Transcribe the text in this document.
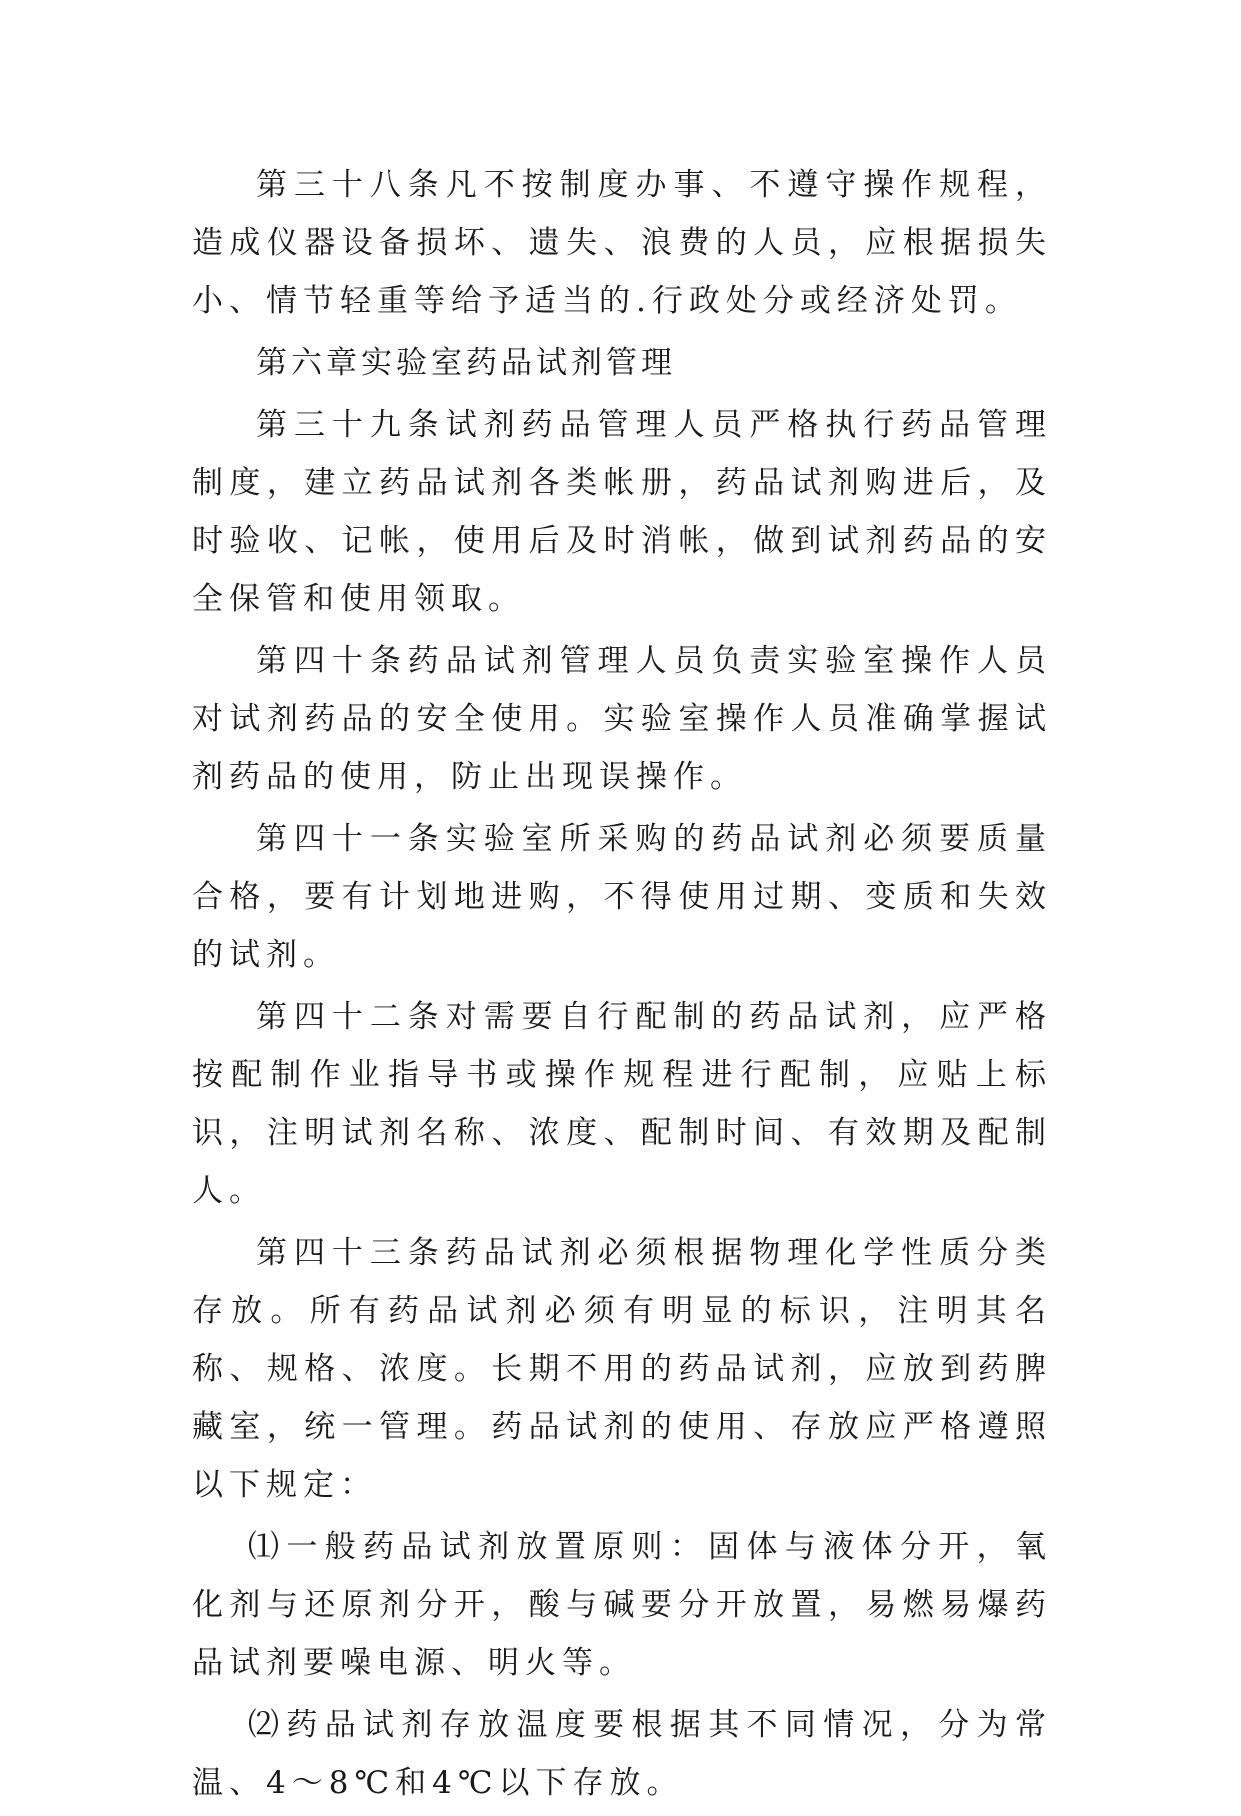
第三十八条凡不按制度办事、不遵守操作规程，造成仪器设备损坏、遗失、浪费的人员，应根据损失小、情节轻重等给予适当的.行政处分或经济处罚。

第六章实验室药品试剂管理

第三十九条试剂药品管理人员严格执行药品管理制度，建立药品试剂各类帐册，药品试剂购进后，及时验收、记帐，使用后及时消帐，做到试剂药品的安全保管和使用领取。

第四十条药品试剂管理人员负责实验室操作人员对试剂药品的安全使用。实验室操作人员准确掌握试剂药品的使用，防止出现误操作。

第四十一条实验室所采购的药品试剂必须要质量合格，要有计划地进购，不得使用过期、变质和失效的试剂。

第四十二条对需要自行配制的药品试剂，应严格按配制作业指导书或操作规程进行配制，应贴上标识，注明试剂名称、浓度、配制时间、有效期及配制人。

第四十三条药品试剂必须根据物理化学性质分类存放。所有药品试剂必须有明显的标识，注明其名称、规格、浓度。长期不用的药品试剂，应放到药脾藏室，统一管理。药品试剂的使用、存放应严格遵照以下规定：

⑴一般药品试剂放置原则：固体与液体分开，氧化剂与还原剂分开，酸与碱要分开放置，易燃易爆药品试剂要噪电源、明火等。

⑵药品试剂存放温度要根据其不同情况，分为常温、4～8℃和4℃以下存放。
